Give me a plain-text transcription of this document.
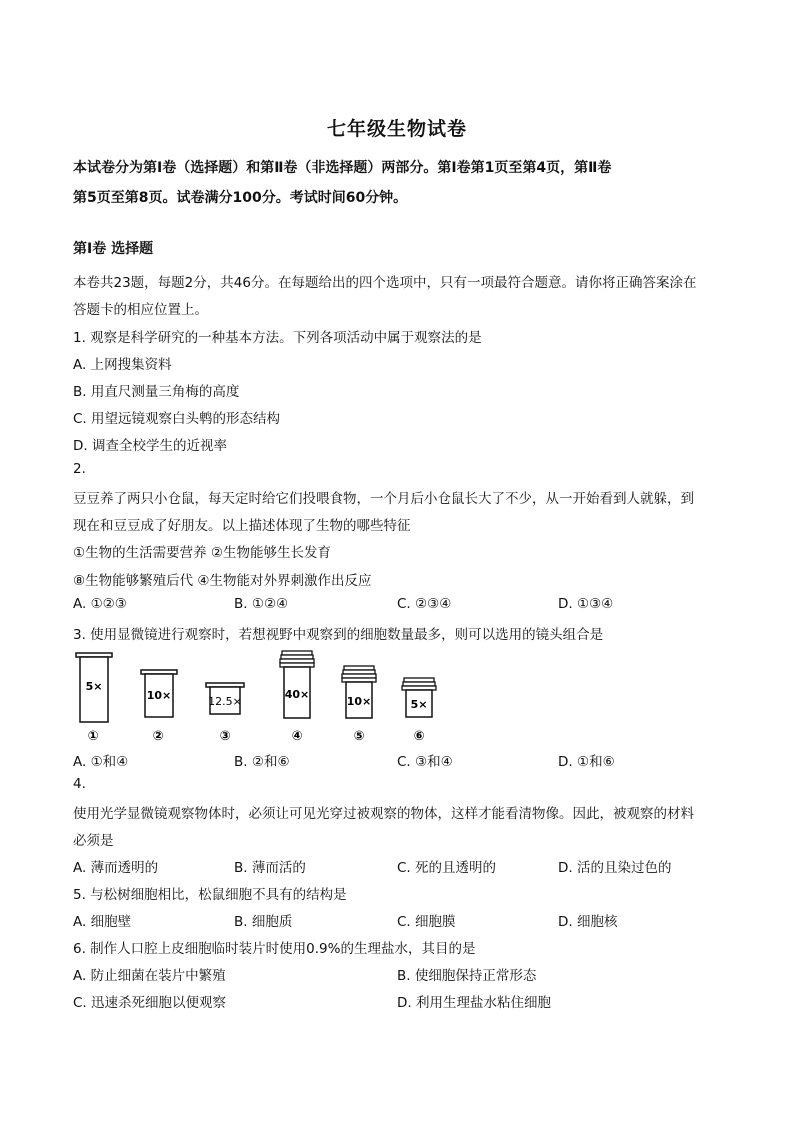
七年级生物试卷
本试卷分为第Ⅰ卷（选择题）和第Ⅱ卷（非选择题）两部分。第Ⅰ卷第1页至第4页，第Ⅱ卷
第5页至第8页。试卷满分100分。考试时间60分钟。
第Ⅰ卷 选择题
本卷共23题，每题2分，共46分。在每题给出的四个选项中，只有一项最符合题意。请你将正确答案涂在
答题卡的相应位置上。
1. 观察是科学研究的一种基本方法。下列各项活动中属于观察法的是
A. 上网搜集资料
B. 用直尺测量三角梅的高度
C. 用望远镜观察白头鹎的形态结构
D. 调查全校学生的近视率
2.
豆豆养了两只小仓鼠，每天定时给它们投喂食物，一个月后小仓鼠长大了不少，从一开始看到人就躲，到
现在和豆豆成了好朋友。以上描述体现了生物的哪些特征
①生物的生活需要营养 ②生物能够生长发育
⑧生物能够繁殖后代 ④生物能对外界刺激作出反应
A. ①②③	B. ①②④	C. ②③④	D. ①③④
3. 使用显微镜进行观察时，若想视野中观察到的细胞数量最多，则可以选用的镜头组合是
5×
①
10×
②
12.5×
③
40×
④
10×
⑤
5×
⑥
A. ①和④	B. ②和⑥	C. ③和④	D. ①和⑥
4.
使用光学显微镜观察物体时，必须让可见光穿过被观察的物体，这样才能看清物像。因此，被观察的材料
必须是
A. 薄而透明的	B. 薄而活的	C. 死的且透明的	D. 活的且染过色的
5. 与松树细胞相比，松鼠细胞不具有的结构是
A. 细胞壁	B. 细胞质	C. 细胞膜	D. 细胞核
6. 制作人口腔上皮细胞临时装片时使用0.9%的生理盐水，其目的是
A. 防止细菌在装片中繁殖	B. 使细胞保持正常形态
C. 迅速杀死细胞以便观察	D. 利用生理盐水粘住细胞
